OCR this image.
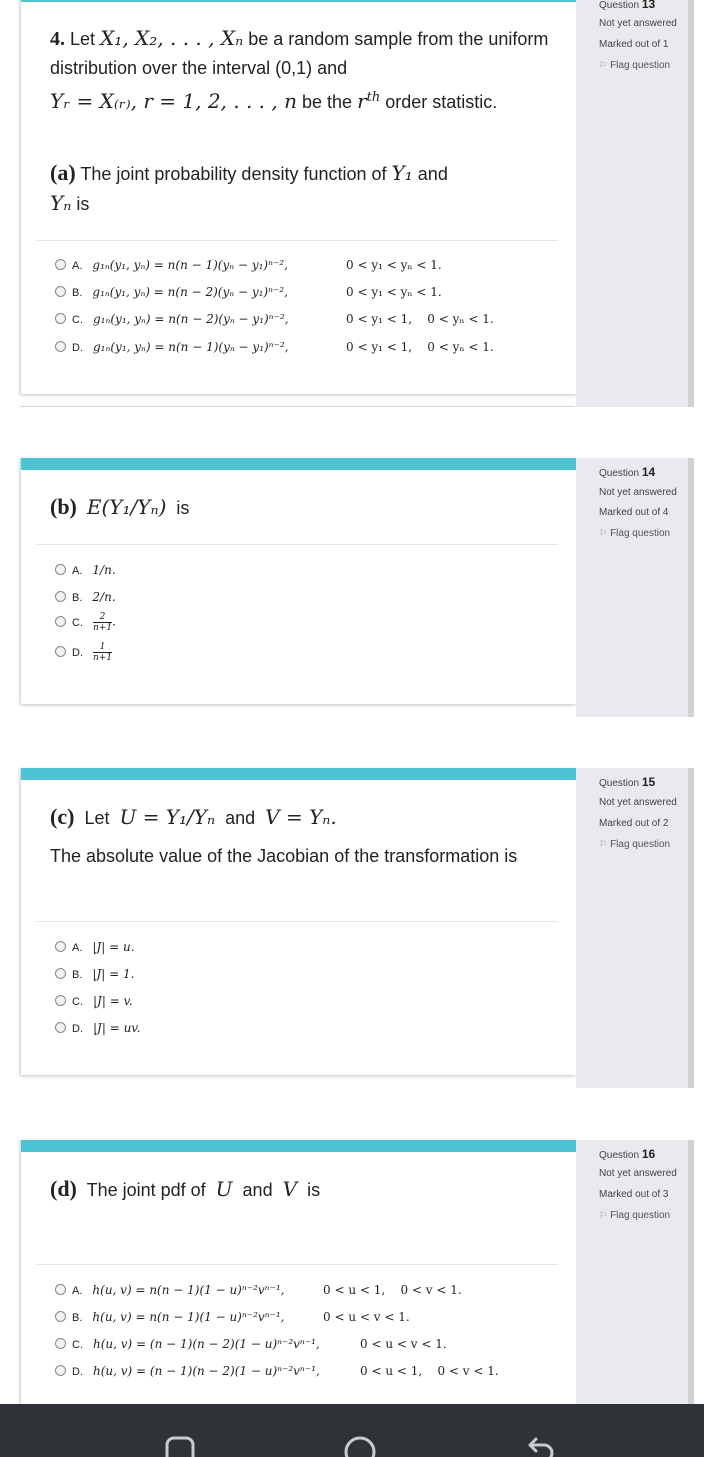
Question 13
Not yet answered
Marked out of 1
⚐ Flag question
4. Let X₁, X₂, . . . , Xₙ be a random sample from the uniform distribution over the interval (0,1) and
Yᵣ = X₍ᵣ₎, r = 1, 2, . . . , n be the $r^{th}$ order statistic.
(a) The joint probability density function of Y₁ and
Yₙ is
A. g₁ₙ(y₁, yₙ) = n(n − 1)(yₙ − y₁)ⁿ⁻²,	0 < y₁ < yₙ < 1.
B. g₁ₙ(y₁, yₙ) = n(n − 2)(yₙ − y₁)ⁿ⁻²,	0 < y₁ < yₙ < 1.
C. g₁ₙ(y₁, yₙ) = n(n − 2)(yₙ − y₁)ⁿ⁻²,	0 < y₁ < 1,    0 < yₙ < 1.
D. g₁ₙ(y₁, yₙ) = n(n − 1)(yₙ − y₁)ⁿ⁻²,	0 < y₁ < 1,    0 < yₙ < 1.
Question 14
Not yet answered
Marked out of 4
⚐ Flag question
(b) E(Y₁/Yₙ) is
A. 1/n.
B. 2/n.
C. $\frac{2}{n+1}$ .
D. $\frac{1}{n+1}$
Question 15
Not yet answered
Marked out of 2
⚐ Flag question
(c) Let U = Y₁/Yₙ and V = Yₙ.
The absolute value of the Jacobian of the transformation is
A. |J| = u.
B. |J| = 1.
C. |J| = v.
D. |J| = uv.
Question 16
Not yet answered
Marked out of 3
⚐ Flag question
(d) The joint pdf of U and V is
A. h(u, v) = n(n − 1)(1 − u)ⁿ⁻²vⁿ⁻¹,	0 < u < 1,    0 < v < 1.
B. h(u, v) = n(n − 1)(1 − u)ⁿ⁻²vⁿ⁻¹,	0 < u < v < 1.
C. h(u, v) = (n − 1)(n − 2)(1 − u)ⁿ⁻²vⁿ⁻¹,	0 < u < v < 1.
D. h(u, v) = (n − 1)(n − 2)(1 − u)ⁿ⁻²vⁿ⁻¹,	0 < u < 1,    0 < v < 1.
